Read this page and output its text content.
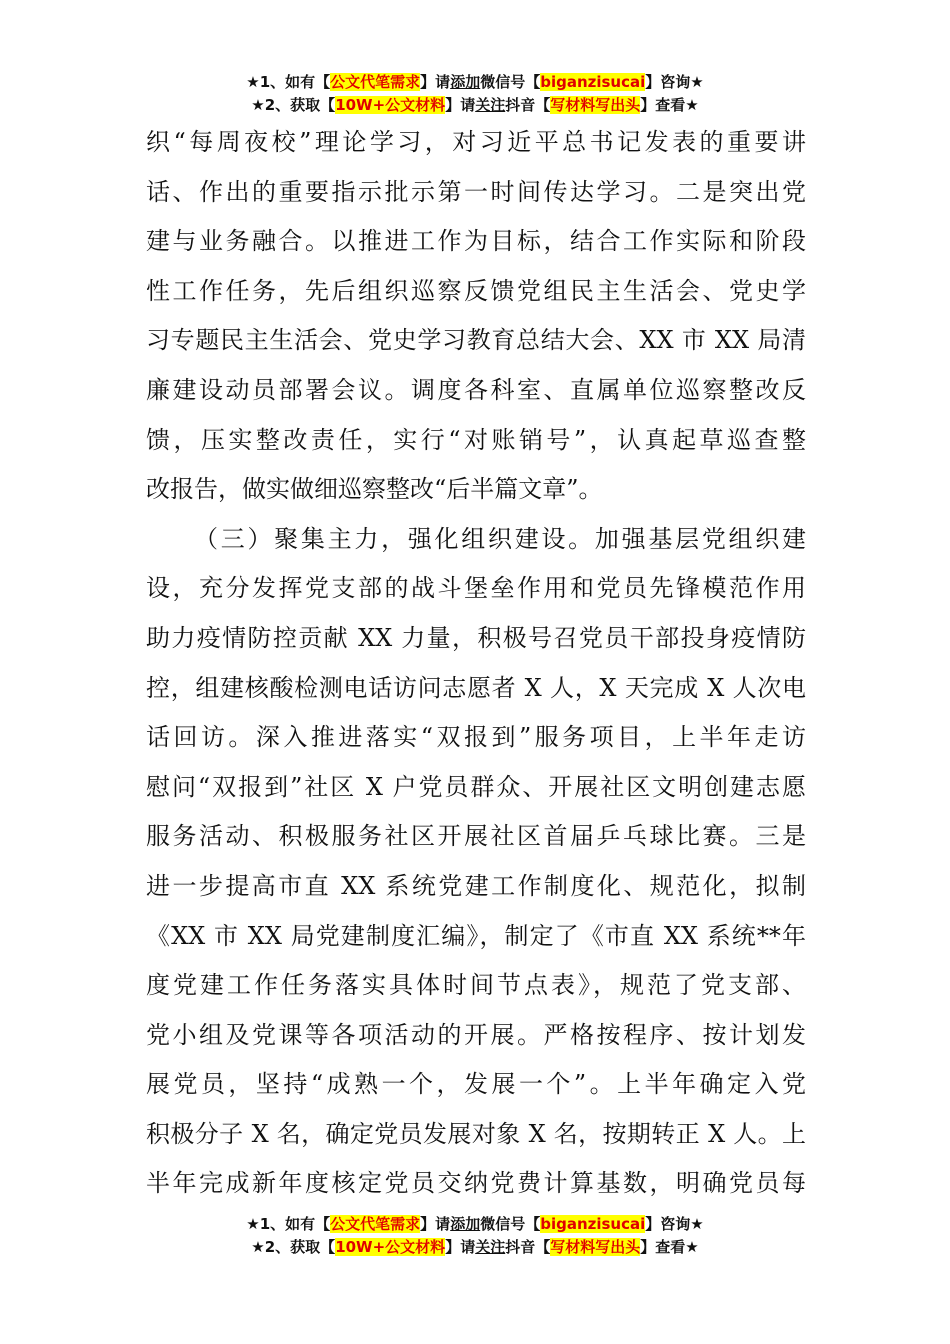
★1、如有【公文代笔需求】请添加微信号【biganzisucai】咨询★
★2、获取【10W+公文材料】请关注抖音【写材料写出头】查看★

织“每周夜校”理论学习，对习近平总书记发表的重要讲

话、作出的重要指示批示第一时间传达学习。二是突出党

建与业务融合。以推进工作为目标，结合工作实际和阶段

性工作任务，先后组织巡察反馈党组民主生活会、党史学

习专题民主生活会、党史学习教育总结大会、XX 市 XX 局清

廉建设动员部署会议。调度各科室、直属单位巡察整改反

馈，压实整改责任，实行“对账销号”，认真起草巡查整

改报告，做实做细巡察整改“后半篇文章”。

（三）聚集主力，强化组织建设。加强基层党组织建

设，充分发挥党支部的战斗堡垒作用和党员先锋模范作用

助力疫情防控贡献 XX 力量，积极号召党员干部投身疫情防

控，组建核酸检测电话访问志愿者 X 人，X 天完成 X 人次电

话回访。深入推进落实“双报到”服务项目，上半年走访

慰问“双报到”社区 X 户党员群众、开展社区文明创建志愿

服务活动、积极服务社区开展社区首届乒乓球比赛。三是

进一步提高市直 XX 系统党建工作制度化、规范化，拟制

《XX 市 XX 局党建制度汇编》，制定了《市直 XX 系统**年

度党建工作任务落实具体时间节点表》，规范了党支部、

党小组及党课等各项活动的开展。严格按程序、按计划发

展党员，坚持“成熟一个，发展一个”。上半年确定入党

积极分子 X 名，确定党员发展对象 X 名，按期转正 X 人。上

半年完成新年度核定党员交纳党费计算基数，明确党员每

★1、如有【公文代笔需求】请添加微信号【biganzisucai】咨询★
★2、获取【10W+公文材料】请关注抖音【写材料写出头】查看★
